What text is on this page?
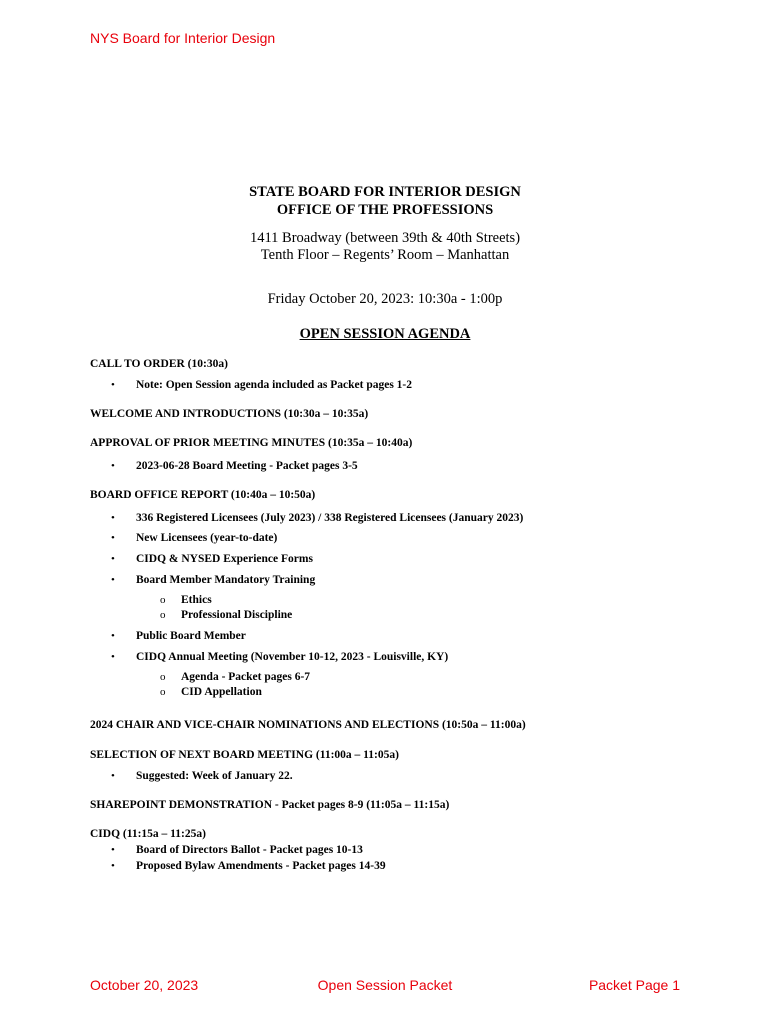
NYS Board for Interior Design
STATE BOARD FOR INTERIOR DESIGN
OFFICE OF THE PROFESSIONS
1411 Broadway (between 39th & 40th Streets)
Tenth Floor – Regents’ Room – Manhattan
Friday October 20, 2023: 10:30a - 1:00p
OPEN SESSION AGENDA
CALL TO ORDER (10:30a)
• Note: Open Session agenda included as Packet pages 1-2
WELCOME AND INTRODUCTIONS (10:30a – 10:35a)
APPROVAL OF PRIOR MEETING MINUTES (10:35a – 10:40a)
• 2023-06-28 Board Meeting - Packet pages 3-5
BOARD OFFICE REPORT (10:40a – 10:50a)
• 336 Registered Licensees (July 2023) / 338 Registered Licensees (January 2023)
• New Licensees (year-to-date)
• CIDQ & NYSED Experience Forms
• Board Member Mandatory Training
o Ethics
o Professional Discipline
• Public Board Member
• CIDQ Annual Meeting (November 10-12, 2023 - Louisville, KY)
o Agenda - Packet pages 6-7
o CID Appellation
2024 CHAIR AND VICE-CHAIR NOMINATIONS AND ELECTIONS (10:50a – 11:00a)
SELECTION OF NEXT BOARD MEETING (11:00a – 11:05a)
• Suggested: Week of January 22.
SHAREPOINT DEMONSTRATION - Packet pages 8-9 (11:05a – 11:15a)
CIDQ (11:15a – 11:25a)
• Board of Directors Ballot - Packet pages 10-13
• Proposed Bylaw Amendments - Packet pages 14-39
October 20, 2023	Open Session Packet	Packet Page 1
